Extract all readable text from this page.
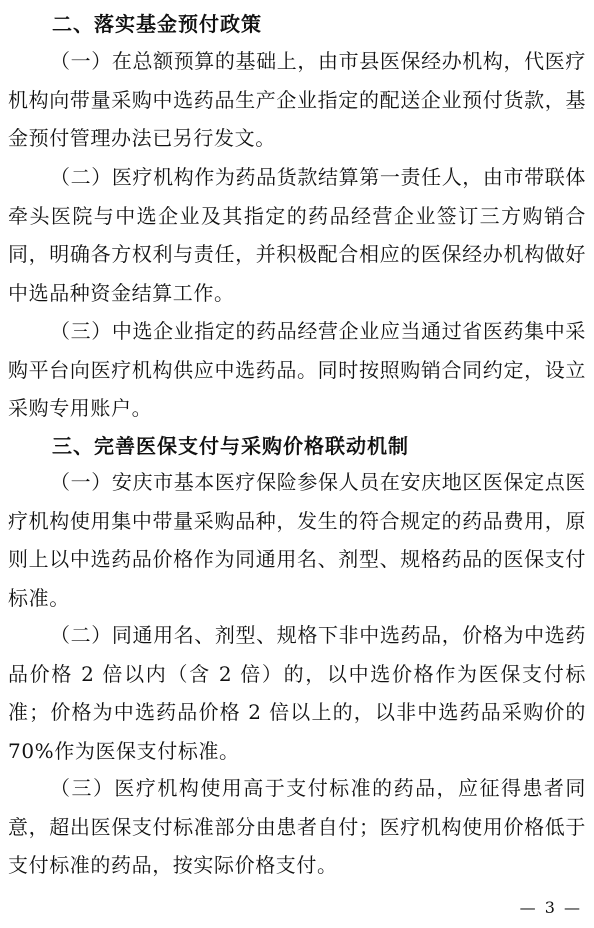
二、落实基金预付政策

（一）在总额预算的基础上，由市县医保经办机构，代医疗机构向带量采购中选药品生产企业指定的配送企业预付货款，基金预付管理办法已另行发文。

（二）医疗机构作为药品货款结算第一责任人，由市带联体牵头医院与中选企业及其指定的药品经营企业签订三方购销合同，明确各方权利与责任，并积极配合相应的医保经办机构做好中选品种资金结算工作。

（三）中选企业指定的药品经营企业应当通过省医药集中采购平台向医疗机构供应中选药品。同时按照购销合同约定，设立采购专用账户。

三、完善医保支付与采购价格联动机制

（一）安庆市基本医疗保险参保人员在安庆地区医保定点医疗机构使用集中带量采购品种，发生的符合规定的药品费用，原则上以中选药品价格作为同通用名、剂型、规格药品的医保支付标准。

（二）同通用名、剂型、规格下非中选药品，价格为中选药品价格 2 倍以内（含 2 倍）的，以中选价格作为医保支付标准；价格为中选药品价格 2 倍以上的，以非中选药品采购价的 70%作为医保支付标准。

（三）医疗机构使用高于支付标准的药品，应征得患者同意，超出医保支付标准部分由患者自付；医疗机构使用价格低于支付标准的药品，按实际价格支付。

— 3 —
